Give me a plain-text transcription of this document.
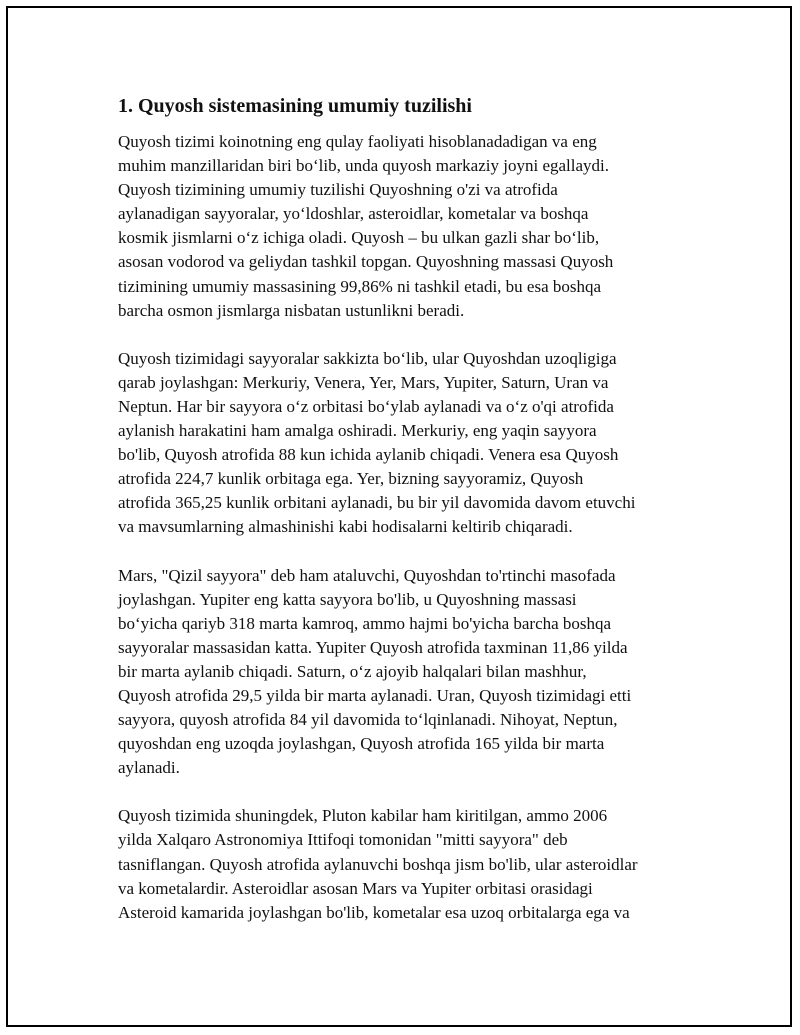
1. Quyosh sistemasining umumiy tuzilishi
Quyosh tizimi koinotning eng qulay faoliyati hisoblanadadigan va eng
muhim manzillaridan biri bo‘lib, unda quyosh markaziy joyni egallaydi.
Quyosh tizimining umumiy tuzilishi Quyoshning o'zi va atrofida
aylanadigan sayyoralar, yo‘ldoshlar, asteroidlar, kometalar va boshqa
kosmik jismlarni o‘z ichiga oladi. Quyosh – bu ulkan gazli shar bo‘lib,
asosan vodorod va geliydan tashkil topgan. Quyoshning massasi Quyosh
tizimining umumiy massasining 99,86% ni tashkil etadi, bu esa boshqa
barcha osmon jismlarga nisbatan ustunlikni beradi.
Quyosh tizimidagi sayyoralar sakkizta bo‘lib, ular Quyoshdan uzoqligiga
qarab joylashgan: Merkuriy, Venera, Yer, Mars, Yupiter, Saturn, Uran va
Neptun. Har bir sayyora o‘z orbitasi bo‘ylab aylanadi va o‘z o'qi atrofida
aylanish harakatini ham amalga oshiradi. Merkuriy, eng yaqin sayyora
bo'lib, Quyosh atrofida 88 kun ichida aylanib chiqadi. Venera esa Quyosh
atrofida 224,7 kunlik orbitaga ega. Yer, bizning sayyoramiz, Quyosh
atrofida 365,25 kunlik orbitani aylanadi, bu bir yil davomida davom etuvchi
va mavsumlarning almashinishi kabi hodisalarni keltirib chiqaradi.
Mars, "Qizil sayyora" deb ham ataluvchi, Quyoshdan to'rtinchi masofada
joylashgan. Yupiter eng katta sayyora bo'lib, u Quyoshning massasi
bo‘yicha qariyb 318 marta kamroq, ammo hajmi bo'yicha barcha boshqa
sayyoralar massasidan katta. Yupiter Quyosh atrofida taxminan 11,86 yilda
bir marta aylanib chiqadi. Saturn, o‘z ajoyib halqalari bilan mashhur,
Quyosh atrofida 29,5 yilda bir marta aylanadi. Uran, Quyosh tizimidagi etti
sayyora, quyosh atrofida 84 yil davomida to‘lqinlanadi. Nihoyat, Neptun,
quyoshdan eng uzoqda joylashgan, Quyosh atrofida 165 yilda bir marta
aylanadi.
Quyosh tizimida shuningdek, Pluton kabilar ham kiritilgan, ammo 2006
yilda Xalqaro Astronomiya Ittifoqi tomonidan "mitti sayyora" deb
tasniflangan. Quyosh atrofida aylanuvchi boshqa jism bo'lib, ular asteroidlar
va kometalardir. Asteroidlar asosan Mars va Yupiter orbitasi orasidagi
Asteroid kamarida joylashgan bo'lib, kometalar esa uzoq orbitalarga ega va
